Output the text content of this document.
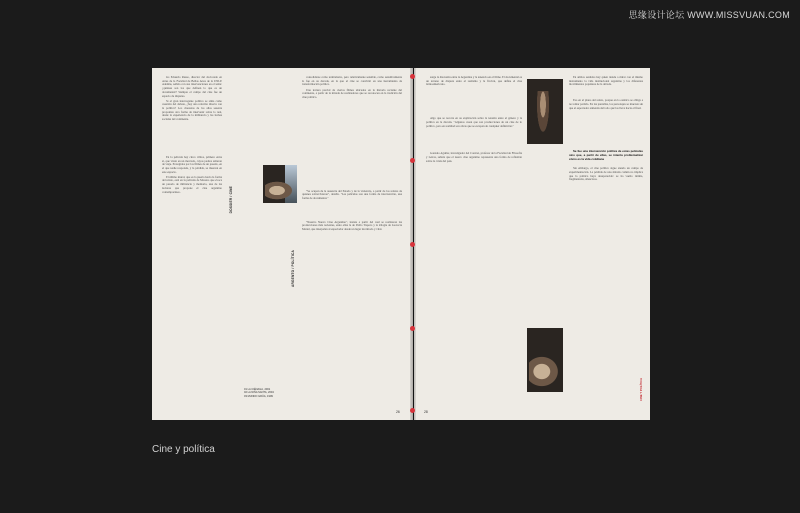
思缘设计论坛 WWW.MISSVUAN.COM

los Eduardo Russo, director del doctorado en Artes de la Facultad de Bellas Artes de la UNLP. Además, señala con sus intervenciones en el tema: ¿quiénes son los que definen lo que es un documental? Siempre el campo del cine fue un espacio de disputas.

Si el gran interrogante político se sitúa como cuestión del debate, ¿hay una relación directa con la política? Los cineastas de los años sesenta proponían otra forma de intervenir sobre lo real, desde la experiencia de la militancia y las luchas sociales del continente.

En la película hay cinco cilitos, primero entre sí, que viven en un mercado, cuyos padres salieron de viaje. Protegidos por los filmes de un pasado, en el que nadie responde, y la pérdida, se mueven en este espacio.

El último mural, que es la puerta hacia la forma del relato, está en la película de Moreno que evoca un pasado de militancia y memoria, una de las lecturas que propone el cine argentino contemporáneo.	DOSSIER / CINE
ARGENTO / POLÍTICA

consolidarse como termómetro, pero relativamente sensible, como sensitivamente lo fue en su década, en la que el cine se convirtió en una herramienta de transformación política.

Una lectura parcial de ciertos filmes ubicados en la historia reciente del continente, a partir de la mirada de realizadores que se reconocen en la tradición del cine político.

"Se ocupan de la ausencia del Estado y de la violencia, a partir de los relatos de quienes sobrevivieron", detalla. "Las películas son una forma de intervención, una forma de documentar."

"Nuestro Nuevo Cine Argentino", insiste a partir del cual se realizaron las producciones más recientes, entre ellas la de Pablo Trapero y la trilogía de Lucrecia Martel, que interpelan al espectador desde un lugar incómodo y vital.

01 LA CIÉNAGA, 2001
02 LA NIÑA SANTA, 2004
03 MUNDO GRÚA, 1999
26

surge la discusión entre la Argentina y la tenencia en el filme. El documental es un terreno de disputa entre el realismo y la ficción, que define el cine latinoamericano.

Algo que se recorta en su explicación sobre la tensión entre el género y la política en la década. "Algunos creen que son producciones de un cine de lo político, pero en realidad son obras que se escapan de cualquier definición."

Gonzalo Aguilar, investigador del Conicet, profesor de la Facultad de Filosofía y Letras, señala que el nuevo cine argentino representa una forma de reflexión sobre la crisis del país.

En ambos sentidos hay quien tiende a mirar con el mismo instrumento la vida institucional argentina y los diferentes movimientos populares de la década.

Eso en el plano del relato, porque en lo estético se obliga a no tomar partido. En las pantallas, los personajes se mueven sin que el espectador entienda del todo qué los lleva hacia el final.

Se fue una intervención política de estas películas sino que, a partir de ellas, se intenta problematizar cómo es la vida cotidiana

Sin embargo, el cine político sigue siendo un campo de experimentación. La pérdida de una mirada común no implica que la política haya desaparecido: se ha vuelto íntima, fragmentaria, silenciosa.

28
CINE Y POLÍTICA
Cine y política
